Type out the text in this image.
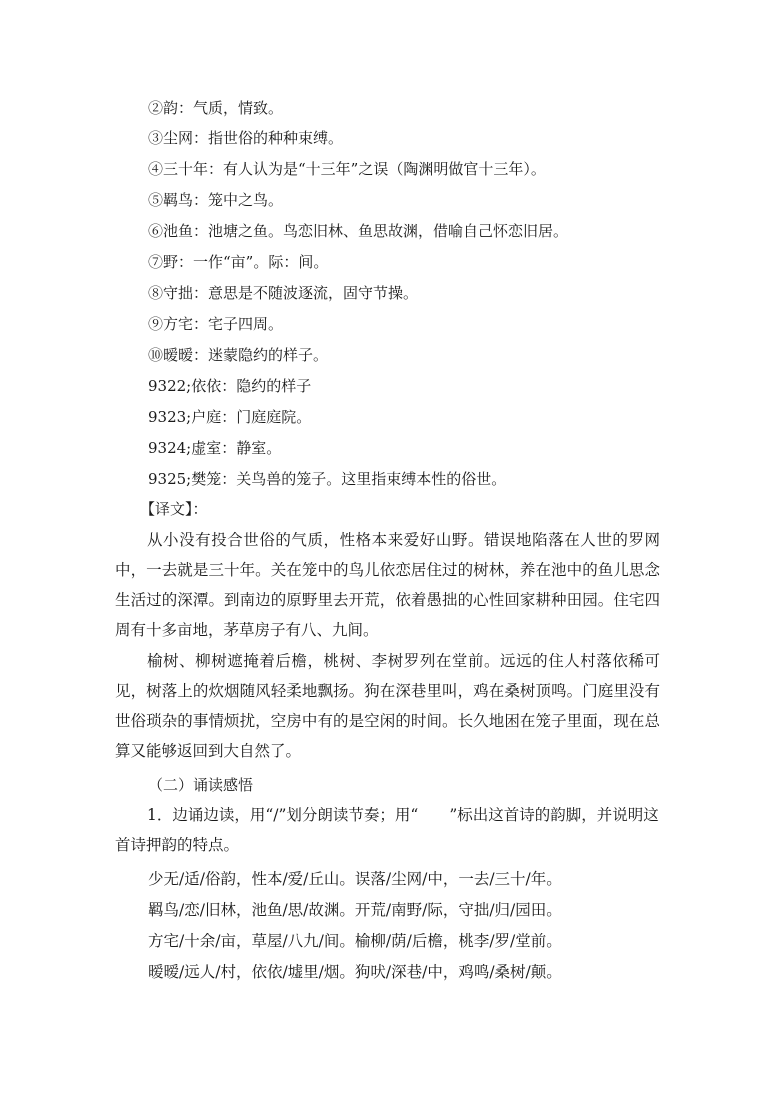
②韵：气质，情致。
③尘网：指世俗的种种束缚。
④三十年：有人认为是“十三年”之误（陶渊明做官十三年）。
⑤羁鸟：笼中之鸟。
⑥池鱼：池塘之鱼。鸟恋旧林、鱼思故渊，借喻自己怀恋旧居。
⑦野：一作“亩”。际：间。
⑧守拙：意思是不随波逐流，固守节操。
⑨方宅：宅子四周。
⑩暧暧：迷蒙隐约的样子。
9322;依依：隐约的样子
9323;户庭：门庭庭院。
9324;虚室：静室。
9325;樊笼：关鸟兽的笼子。这里指束缚本性的俗世。
【译文】：

从小没有投合世俗的气质，性格本来爱好山野。错误地陷落在人世的罗网中，一去就是三十年。关在笼中的鸟儿依恋居住过的树林，养在池中的鱼儿思念生活过的深潭。到南边的原野里去开荒，依着愚拙的心性回家耕种田园。住宅四周有十多亩地，茅草房子有八、九间。

榆树、柳树遮掩着后檐，桃树、李树罗列在堂前。远远的住人村落依稀可见，树落上的炊烟随风轻柔地飘扬。狗在深巷里叫，鸡在桑树顶鸣。门庭里没有世俗琐杂的事情烦扰，空房中有的是空闲的时间。长久地困在笼子里面，现在总算又能够返回到大自然了。

（二）诵读感悟

1．边诵边读，用“/”划分朗读节奏；用“　　”标出这首诗的韵脚，并说明这首诗押韵的特点。

少无/适/俗韵，性本/爱/丘山。误落/尘网/中，一去/三十/年。
羁鸟/恋/旧林，池鱼/思/故渊。开荒/南野/际，守拙/归/园田。
方宅/十余/亩，草屋/八九/间。榆柳/荫/后檐，桃李/罗/堂前。
暧暧/远人/村，依依/墟里/烟。狗吠/深巷/中，鸡鸣/桑树/颠。
